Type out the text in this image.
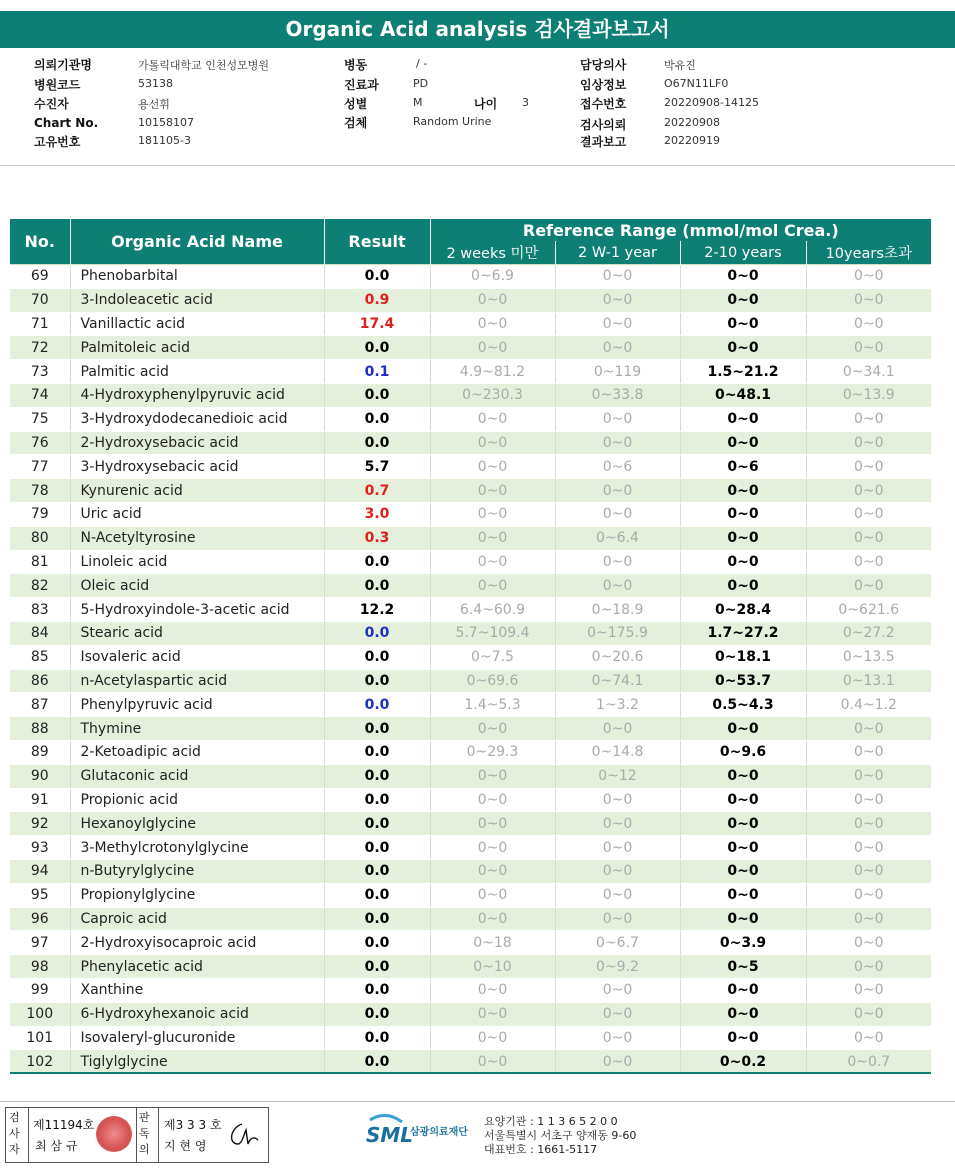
Organic Acid analysis 검사결과보고서
의뢰기관명	가톨릭대학교 인천성모병원
병원코드	53138
수진자	용선휘
Chart No.	10158107
고유번호	181105-3
병동	/ -
진료과	PD
성별	M	나이 3
검체	Random Urine
담당의사	박유진
임상정보	O67N11LF0
접수번호	20220908-14125
검사의뢰	20220908
결과보고	20220919
No.	Organic Acid Name	Result	Reference Range (mmol/mol Crea.)			
			2 weeks 미만	2 W-1 year	2-10 years	10years초과
69	Phenobarbital	0.0	0~6.9	0~0	0~0	0~0
70	3-Indoleacetic acid	0.9	0~0	0~0	0~0	0~0
71	Vanillactic acid	17.4	0~0	0~0	0~0	0~0
72	Palmitoleic acid	0.0	0~0	0~0	0~0	0~0
73	Palmitic acid	0.1	4.9~81.2	0~119	1.5~21.2	0~34.1
74	4-Hydroxyphenylpyruvic acid	0.0	0~230.3	0~33.8	0~48.1	0~13.9
75	3-Hydroxydodecanedioic acid	0.0	0~0	0~0	0~0	0~0
76	2-Hydroxysebacic acid	0.0	0~0	0~0	0~0	0~0
77	3-Hydroxysebacic acid	5.7	0~0	0~6	0~6	0~0
78	Kynurenic acid	0.7	0~0	0~0	0~0	0~0
79	Uric acid	3.0	0~0	0~0	0~0	0~0
80	N-Acetyltyrosine	0.3	0~0	0~6.4	0~0	0~0
81	Linoleic acid	0.0	0~0	0~0	0~0	0~0
82	Oleic acid	0.0	0~0	0~0	0~0	0~0
83	5-Hydroxyindole-3-acetic acid	12.2	6.4~60.9	0~18.9	0~28.4	0~621.6
84	Stearic acid	0.0	5.7~109.4	0~175.9	1.7~27.2	0~27.2
85	Isovaleric acid	0.0	0~7.5	0~20.6	0~18.1	0~13.5
86	n-Acetylaspartic acid	0.0	0~69.6	0~74.1	0~53.7	0~13.1
87	Phenylpyruvic acid	0.0	1.4~5.3	1~3.2	0.5~4.3	0.4~1.2
88	Thymine	0.0	0~0	0~0	0~0	0~0
89	2-Ketoadipic acid	0.0	0~29.3	0~14.8	0~9.6	0~0
90	Glutaconic acid	0.0	0~0	0~12	0~0	0~0
91	Propionic acid	0.0	0~0	0~0	0~0	0~0
92	Hexanoylglycine	0.0	0~0	0~0	0~0	0~0
93	3-Methylcrotonylglycine	0.0	0~0	0~0	0~0	0~0
94	n-Butyrylglycine	0.0	0~0	0~0	0~0	0~0
95	Propionylglycine	0.0	0~0	0~0	0~0	0~0
96	Caproic acid	0.0	0~0	0~0	0~0	0~0
97	2-Hydroxyisocaproic acid	0.0	0~18	0~6.7	0~3.9	0~0
98	Phenylacetic acid	0.0	0~10	0~9.2	0~5	0~0
99	Xanthine	0.0	0~0	0~0	0~0	0~0
100	6-Hydroxyhexanoic acid	0.0	0~0	0~0	0~0	0~0
101	Isovaleryl-glucuronide	0.0	0~0	0~0	0~0	0~0
102	Tiglylglycine	0.0	0~0	0~0	0~0.2	0~0.7
검사자
제11194호
최 삼 규
판독의
제3 3 3 호
지 현 영	SML
삼광의료재단
요양기관 : 1 1 3 6 5 2 0 0
서울특별시 서초구 양재동 9-60
대표번호 : 1661-5117
